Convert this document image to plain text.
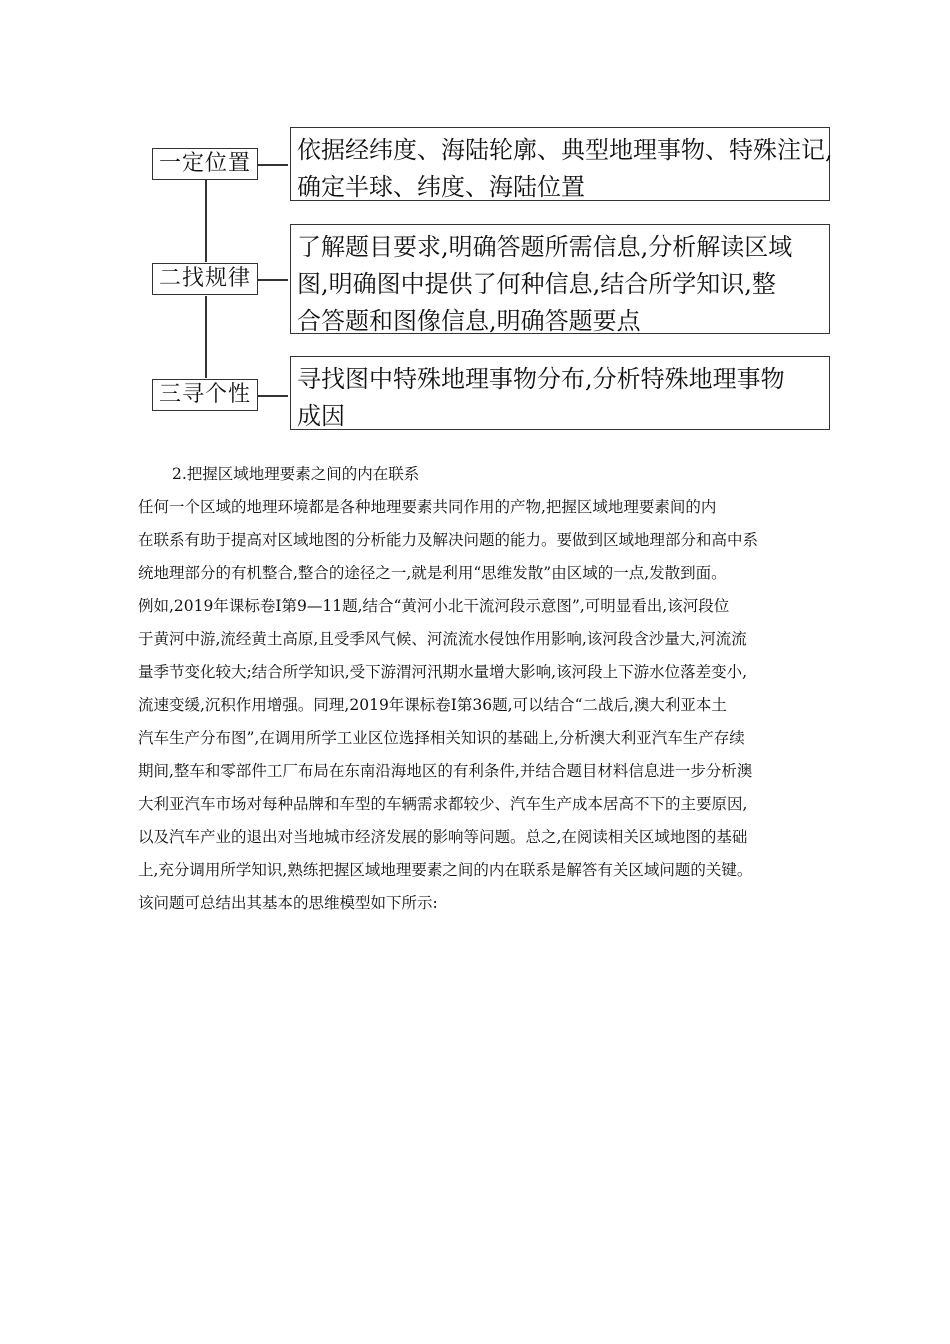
一定位置 依据经纬度、海陆轮廓、典型地理事物、特殊注记,

确定半球、纬度、海陆位置

二找规律

了解题目要求,明确答题所需信息,分析解读区域

图,明确图中提供了何种信息,结合所学知识,整

合答题和图像信息,明确答题要点

三寻个性

寻找图中特殊地理事物分布,分析特殊地理事物

成因

2.把握区域地理要素之间的内在联系

任何一个区域的地理环境都是各种地理要素共同作用的产物,把握区域地理要素间的内

在联系有助于提高对区域地图的分析能力及解决问题的能力。要做到区域地理部分和高中系

统地理部分的有机整合,整合的途径之一,就是利用“思维发散”由区域的一点,发散到面。

例如,2019年课标卷Ⅰ第9—11题,结合“黄河小北干流河段示意图”,可明显看出,该河段位

于黄河中游,流经黄土高原,且受季风气候、河流流水侵蚀作用影响,该河段含沙量大,河流流

量季节变化较大;结合所学知识,受下游渭河汛期水量增大影响,该河段上下游水位落差变小,

流速变缓,沉积作用增强。同理,2019年课标卷Ⅰ第36题,可以结合“二战后,澳大利亚本土

汽车生产分布图”,在调用所学工业区位选择相关知识的基础上,分析澳大利亚汽车生产存续

期间,整车和零部件工厂布局在东南沿海地区的有利条件,并结合题目材料信息进一步分析澳

大利亚汽车市场对每种品牌和车型的车辆需求都较少、汽车生产成本居高不下的主要原因,

以及汽车产业的退出对当地城市经济发展的影响等问题。总之,在阅读相关区域地图的基础

上,充分调用所学知识,熟练把握区域地理要素之间的内在联系是解答有关区域问题的关键。

该问题可总结出其基本的思维模型如下所示:
